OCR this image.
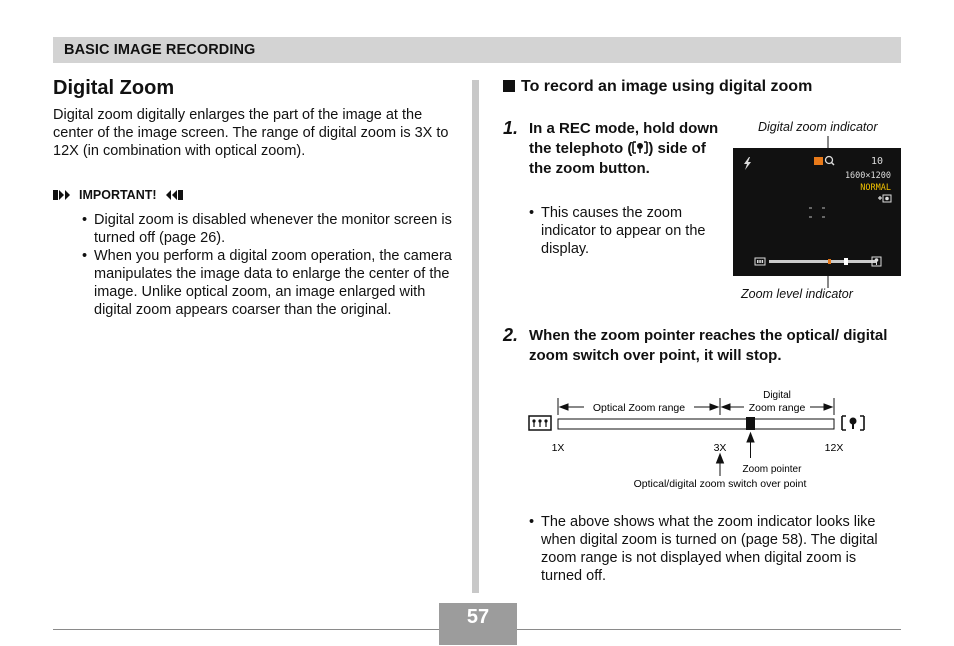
BASIC IMAGE RECORDING
Digital Zoom
Digital zoom digitally enlarges the part of the image at the center of the image screen. The range of digital zoom is 3X to 12X (in combination with optical zoom).
IMPORTANT!
• Digital zoom is disabled whenever the monitor screen is turned off (page 26).
• When you perform a digital zoom operation, the camera manipulates the image data to enlarge the center of the image. Unlike optical zoom, an image enlarged with digital zoom appears coarser than the original.
To record an image using digital zoom
1. In a REC mode, hold down the telephoto ( ) side of the zoom button.
• This causes the zoom indicator to appear on the display.
Digital zoom indicator
10
1600×1200
NORMAL
Zoom level indicator
2. When the zoom pointer reaches the optical/ digital zoom switch over point, it will stop.
Optical Zoom range
Digital
Zoom range
1X	3X	12X
Zoom pointer
Optical/digital zoom switch over point
• The above shows what the zoom indicator looks like when digital zoom is turned on (page 58). The digital zoom range is not displayed when digital zoom is turned off.
57
